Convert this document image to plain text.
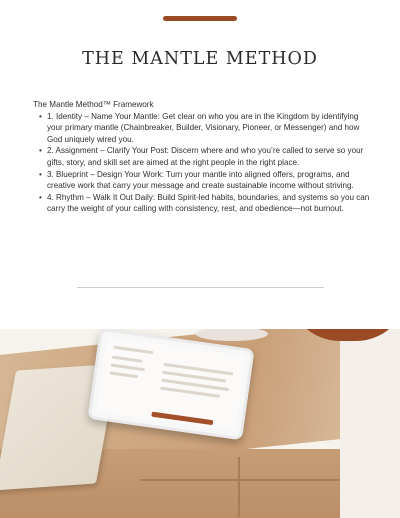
THE MANTLE METHOD

The Mantle Method™ Framework

• 1. Identity – Name Your Mantle: Get clear on who you are in the Kingdom by identifying your primary mantle (Chainbreaker, Builder, Visionary, Pioneer, or Messenger) and how God uniquely wired you.
• 2. Assignment – Clarify Your Post: Discern where and who you’re called to serve so your gifts, story, and skill set are aimed at the right people in the right place.
• 3. Blueprint – Design Your Work: Turn your mantle into aligned offers, programs, and creative work that carry your message and create sustainable income without striving.
• 4. Rhythm – Walk It Out Daily: Build Spirit-led habits, boundaries, and systems so you can carry the weight of your calling with consistency, rest, and obedience—not burnout.
